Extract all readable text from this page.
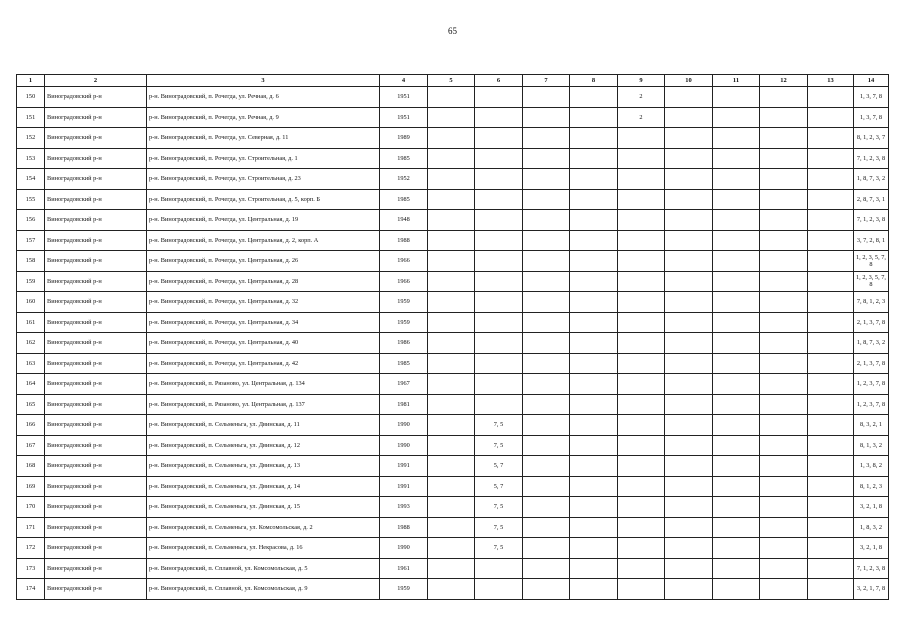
65
1	2	3	4	5	6	7	8	9	10	11	12	13	14
150	Виноградовский р-н	р-н. Виноградовский, п. Рочегда, ул. Речная, д. 6	1951					2					1, 3, 7, 8
151	Виноградовский р-н	р-н. Виноградовский, п. Рочегда, ул. Речная, д. 9	1951					2					1, 3, 7, 8
152	Виноградовский р-н	р-н. Виноградовский, п. Рочегда, ул. Северная, д. 11	1989										8, 1, 2, 3, 7
153	Виноградовский р-н	р-н. Виноградовский, п. Рочегда, ул. Строительная, д. 1	1985										7, 1, 2, 3, 8
154	Виноградовский р-н	р-н. Виноградовский, п. Рочегда, ул. Строительная, д. 23	1952										1, 8, 7, 3, 2
155	Виноградовский р-н	р-н. Виноградовский, п. Рочегда, ул. Строительная, д. 5, корп. Б	1985										2, 8, 7, 3, 1
156	Виноградовский р-н	р-н. Виноградовский, п. Рочегда, ул. Центральная, д. 19	1948										7, 1, 2, 3, 8
157	Виноградовский р-н	р-н. Виноградовский, п. Рочегда, ул. Центральная, д. 2, корп. А	1988										3, 7, 2, 8, 1
158	Виноградовский р-н	р-н. Виноградовский, п. Рочегда, ул. Центральная, д. 26	1966										1, 2, 3, 5, 7, 8
159	Виноградовский р-н	р-н. Виноградовский, п. Рочегда, ул. Центральная, д. 28	1966										1, 2, 3, 5, 7, 8
160	Виноградовский р-н	р-н. Виноградовский, п. Рочегда, ул. Центральная, д. 32	1959										7, 8, 1, 2, 3
161	Виноградовский р-н	р-н. Виноградовский, п. Рочегда, ул. Центральная, д. 34	1959										2, 1, 3, 7, 8
162	Виноградовский р-н	р-н. Виноградовский, п. Рочегда, ул. Центральная, д. 40	1986										1, 8, 7, 3, 2
163	Виноградовский р-н	р-н. Виноградовский, п. Рочегда, ул. Центральная, д. 42	1985										2, 1, 3, 7, 8
164	Виноградовский р-н	р-н. Виноградовский, п. Рязаново, ул. Центральная, д. 134	1967										1, 2, 3, 7, 8
165	Виноградовский р-н	р-н. Виноградовский, п. Рязаново, ул. Центральная, д. 137	1981										1, 2, 3, 7, 8
166	Виноградовский р-н	р-н. Виноградовский, п. Сельменьга, ул. Двинская, д. 11	1990		7, 5								8, 3, 2, 1
167	Виноградовский р-н	р-н. Виноградовский, п. Сельменьга, ул. Двинская, д. 12	1990		7, 5								8, 1, 3, 2
168	Виноградовский р-н	р-н. Виноградовский, п. Сельменьга, ул. Двинская, д. 13	1991		5, 7								1, 3, 8, 2
169	Виноградовский р-н	р-н. Виноградовский, п. Сельменьга, ул. Двинская, д. 14	1991		5, 7								8, 1, 2, 3
170	Виноградовский р-н	р-н. Виноградовский, п. Сельменьга, ул. Двинская, д. 15	1993		7, 5								3, 2, 1, 8
171	Виноградовский р-н	р-н. Виноградовский, п. Сельменьга, ул. Комсомольская, д. 2	1988		7, 5								1, 8, 3, 2
172	Виноградовский р-н	р-н. Виноградовский, п. Сельменьга, ул. Некрасова, д. 16	1990		7, 5								3, 2, 1, 8
173	Виноградовский р-н	р-н. Виноградовский, п. Сплавной, ул. Комсомольская, д. 5	1961										7, 1, 2, 3, 8
174	Виноградовский р-н	р-н. Виноградовский, п. Сплавной, ул. Комсомольская, д. 9	1959										3, 2, 1, 7, 8
